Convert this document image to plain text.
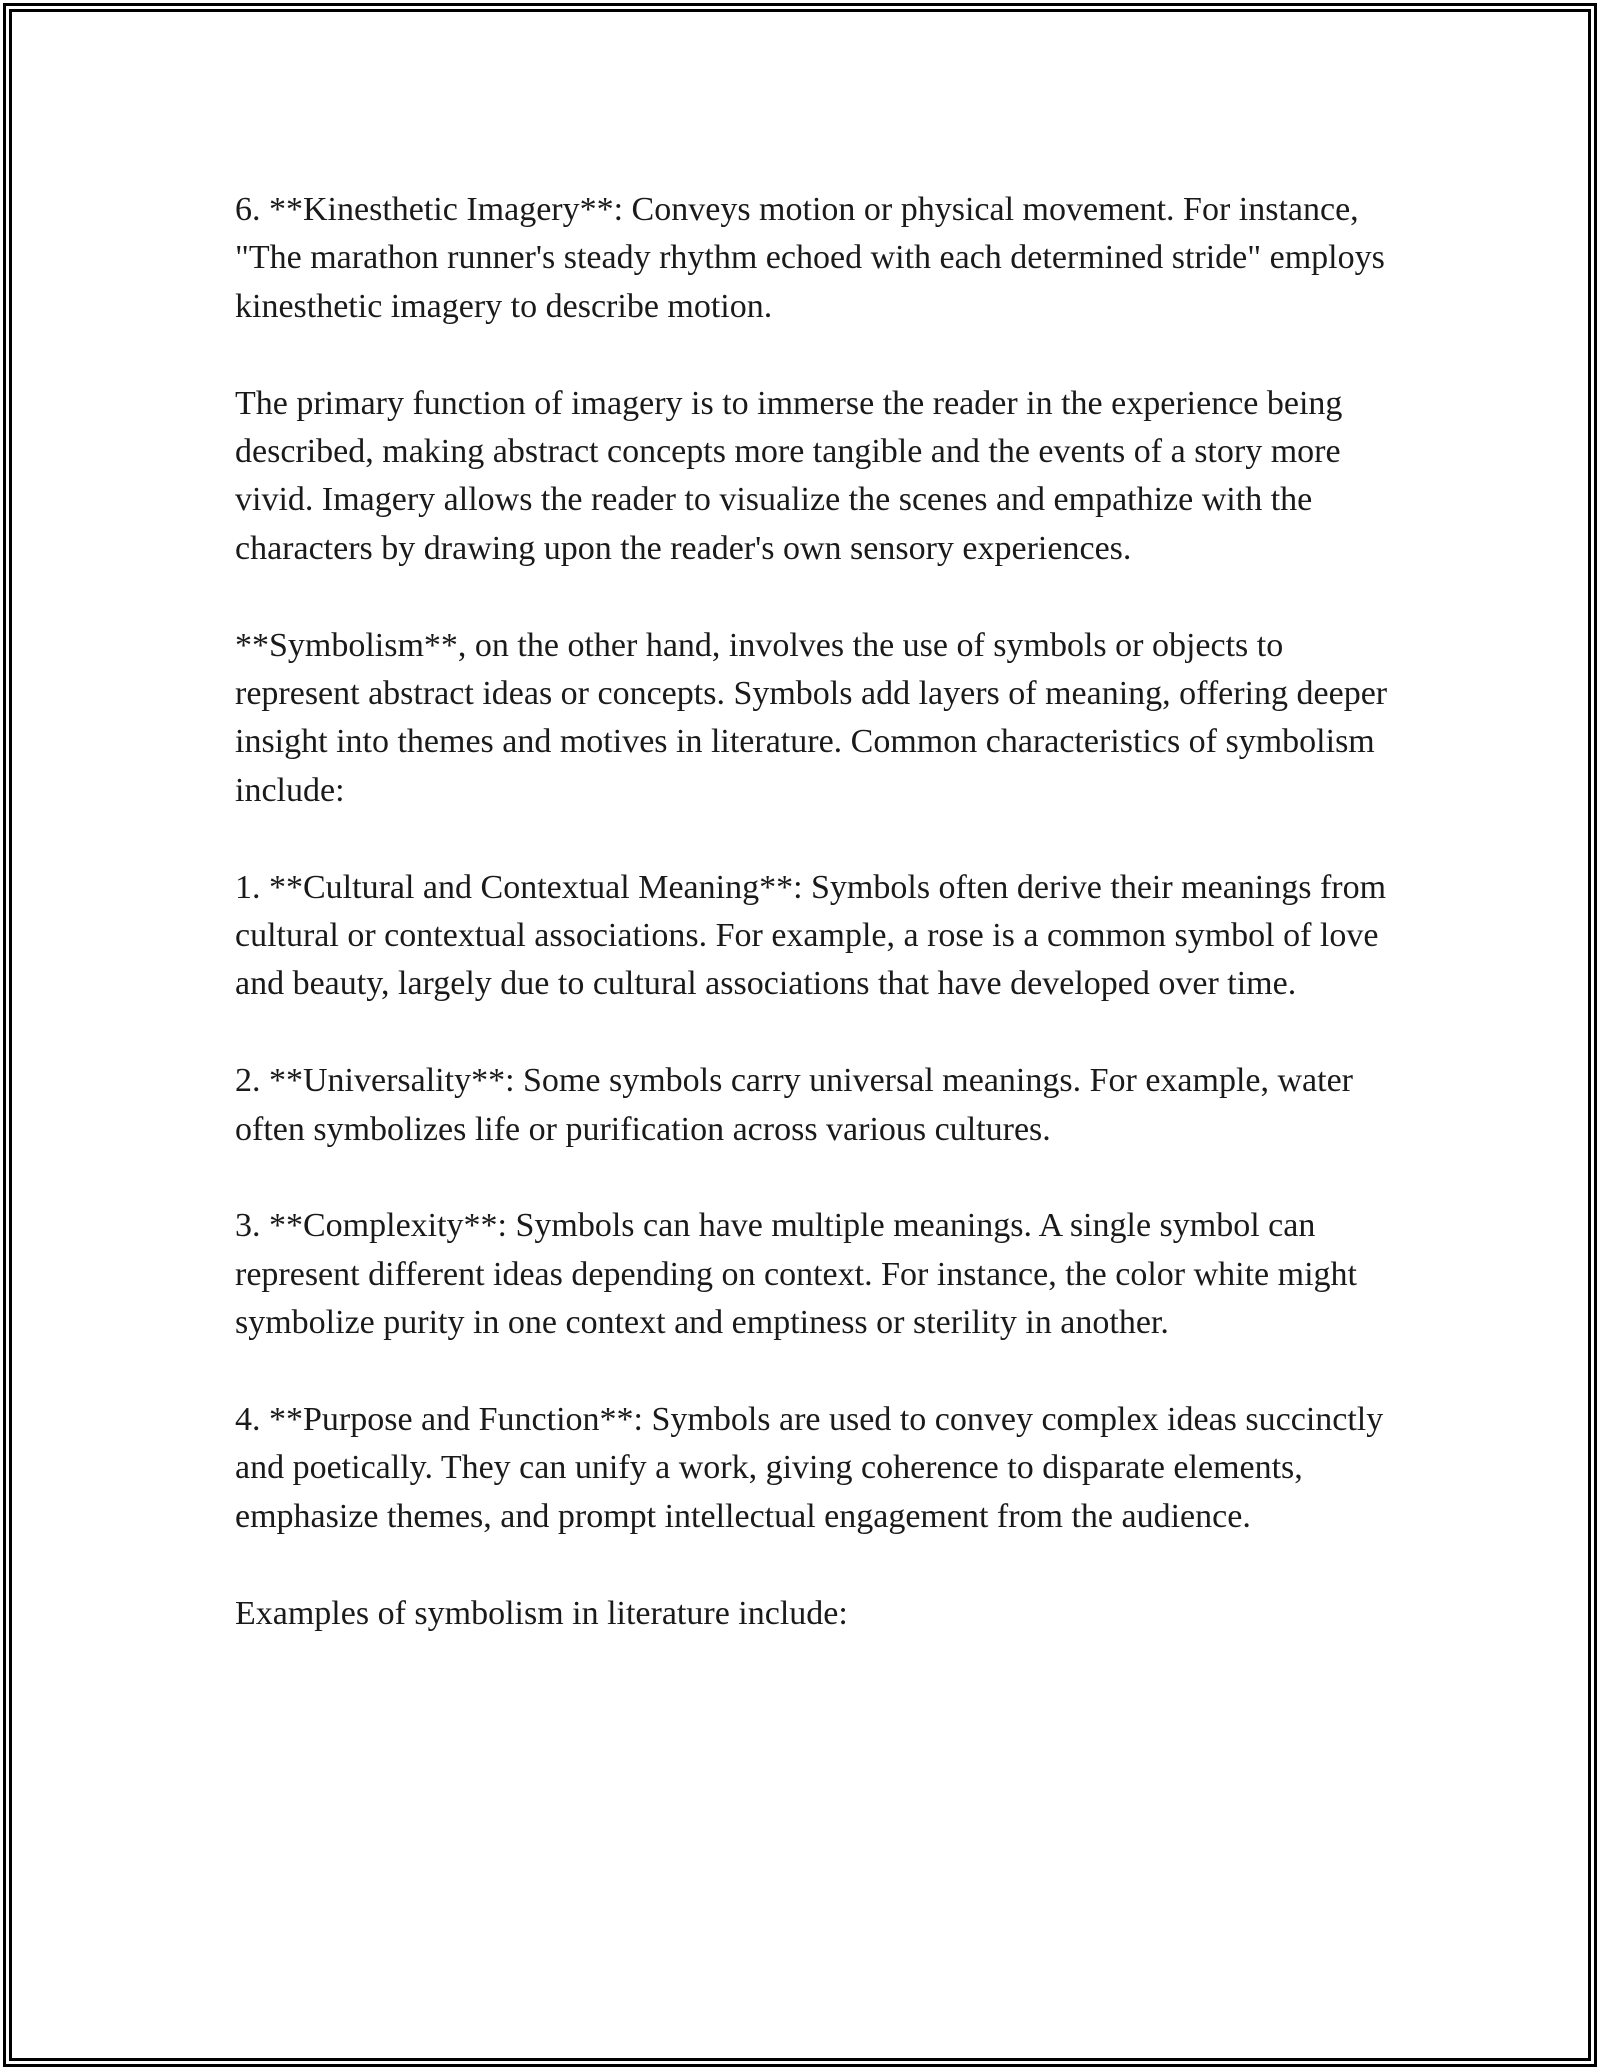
6. **Kinesthetic Imagery**: Conveys motion or physical movement. For instance, "The marathon runner's steady rhythm echoed with each determined stride" employs kinesthetic imagery to describe motion.

The primary function of imagery is to immerse the reader in the experience being described, making abstract concepts more tangible and the events of a story more vivid. Imagery allows the reader to visualize the scenes and empathize with the characters by drawing upon the reader's own sensory experiences.

**Symbolism**, on the other hand, involves the use of symbols or objects to represent abstract ideas or concepts. Symbols add layers of meaning, offering deeper insight into themes and motives in literature. Common characteristics of symbolism include:

1. **Cultural and Contextual Meaning**: Symbols often derive their meanings from cultural or contextual associations. For example, a rose is a common symbol of love and beauty, largely due to cultural associations that have developed over time.

2. **Universality**: Some symbols carry universal meanings. For example, water often symbolizes life or purification across various cultures.

3. **Complexity**: Symbols can have multiple meanings. A single symbol can represent different ideas depending on context. For instance, the color white might symbolize purity in one context and emptiness or sterility in another.

4. **Purpose and Function**: Symbols are used to convey complex ideas succinctly and poetically. They can unify a work, giving coherence to disparate elements, emphasize themes, and prompt intellectual engagement from the audience.

Examples of symbolism in literature include:
